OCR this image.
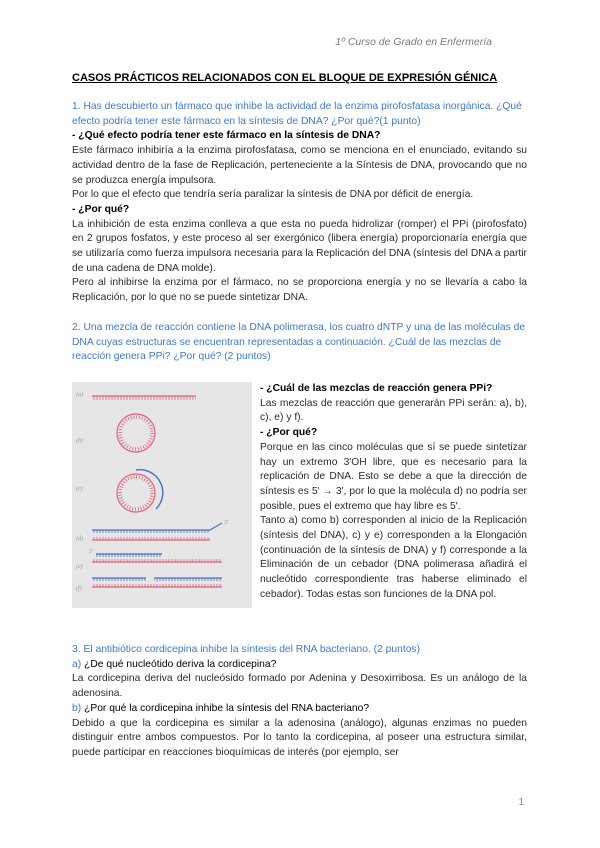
1º Curso de Grado en Enfermería
CASOS PRÁCTICOS RELACIONADOS CON EL BLOQUE DE EXPRESIÓN GÉNICA
1. Has descubierto un fármaco que inhibe la actividad de la enzima pirofosfatasa inorgánica. ¿Qué efecto podría tener este fármaco en la síntesis de DNA? ¿Por qué?(1 punto)
- ¿Qué efecto podría tener este fármaco en la síntesis de DNA?
Este fármaco inhibiría a la enzima pirofosfatasa, como se menciona en el enunciado, evitando su actividad dentro de la fase de Replicación, perteneciente a la Síntesis de DNA, provocando que no se produzca energía impulsora.
Por lo que el efecto que tendría sería paralizar la síntesis de DNA por déficit de energía.
- ¿Por qué?
La inhibición de esta enzima conlleva a que esta no pueda hidrolizar (romper) el PPi (pirofosfato) en 2 grupos fosfatos, y este proceso al ser exergónico (libera energía) proporcionaría energía que se utilizaría como fuerza impulsora necesaria para la Replicación del DNA (síntesis del DNA a partir de una cadena de DNA molde).
Pero al inhibirse la enzima por el fármaco, no se proporciona energía y no se llevaría a cabo la Replicación, por lo que no se puede sintetizar DNA.
2. Una mezcla de reacción contiene la DNA polimerasa, los cuatro dNTP y una de las moléculas de DNA cuyas estructuras se encuentran representadas a continuación. ¿Cuál de las mezclas de reacción genera PPi? ¿Por qué? (2 puntos)
(a)
(b)
(c)
(d)
3'
(e)
5'
(f)
- ¿Cuál de las mezclas de reacción genera PPi?
Las mezclas de reacción que generarán PPi serán: a), b), c), e) y f).
- ¿Por qué?
Porque en las cinco moléculas que sí se puede sintetizar hay un extremo 3'OH libre, que es necesario para la replicación de DNA. Esto se debe a que la dirección de síntesis es 5' → 3', por lo que la molécula d) no podría ser posible, pues el extremo que hay libre es 5'.
Tanto a) como b) corresponden al inicio de la Replicación (síntesis del DNA), c) y e) corresponden a la Elongación (continuación de la síntesis de DNA) y f) corresponde a la Eliminación de un cebador (DNA polimerasa añadirá el nucleótido correspondiente tras haberse eliminado el cebador). Todas estas son funciones de la DNA pol.
3. El antibiótico cordicepina inhibe la síntesis del RNA bacteriano. (2 puntos)
a) ¿De qué nucleótido deriva la cordicepina?
La cordicepina deriva del nucleósido formado por Adenina y Desoxirribosa. Es un análogo de la adenosina.
b) ¿Por qué la cordicepina inhibe la síntesis del RNA bacteriano?
Debido a que la cordicepina es similar a la adenosina (análogo), algunas enzimas no pueden distinguir entre ambos compuestos. Por lo tanto la cordicepina, al poseer una estructura similar, puede participar en reacciones bioquímicas de interés (por ejemplo, ser
1
